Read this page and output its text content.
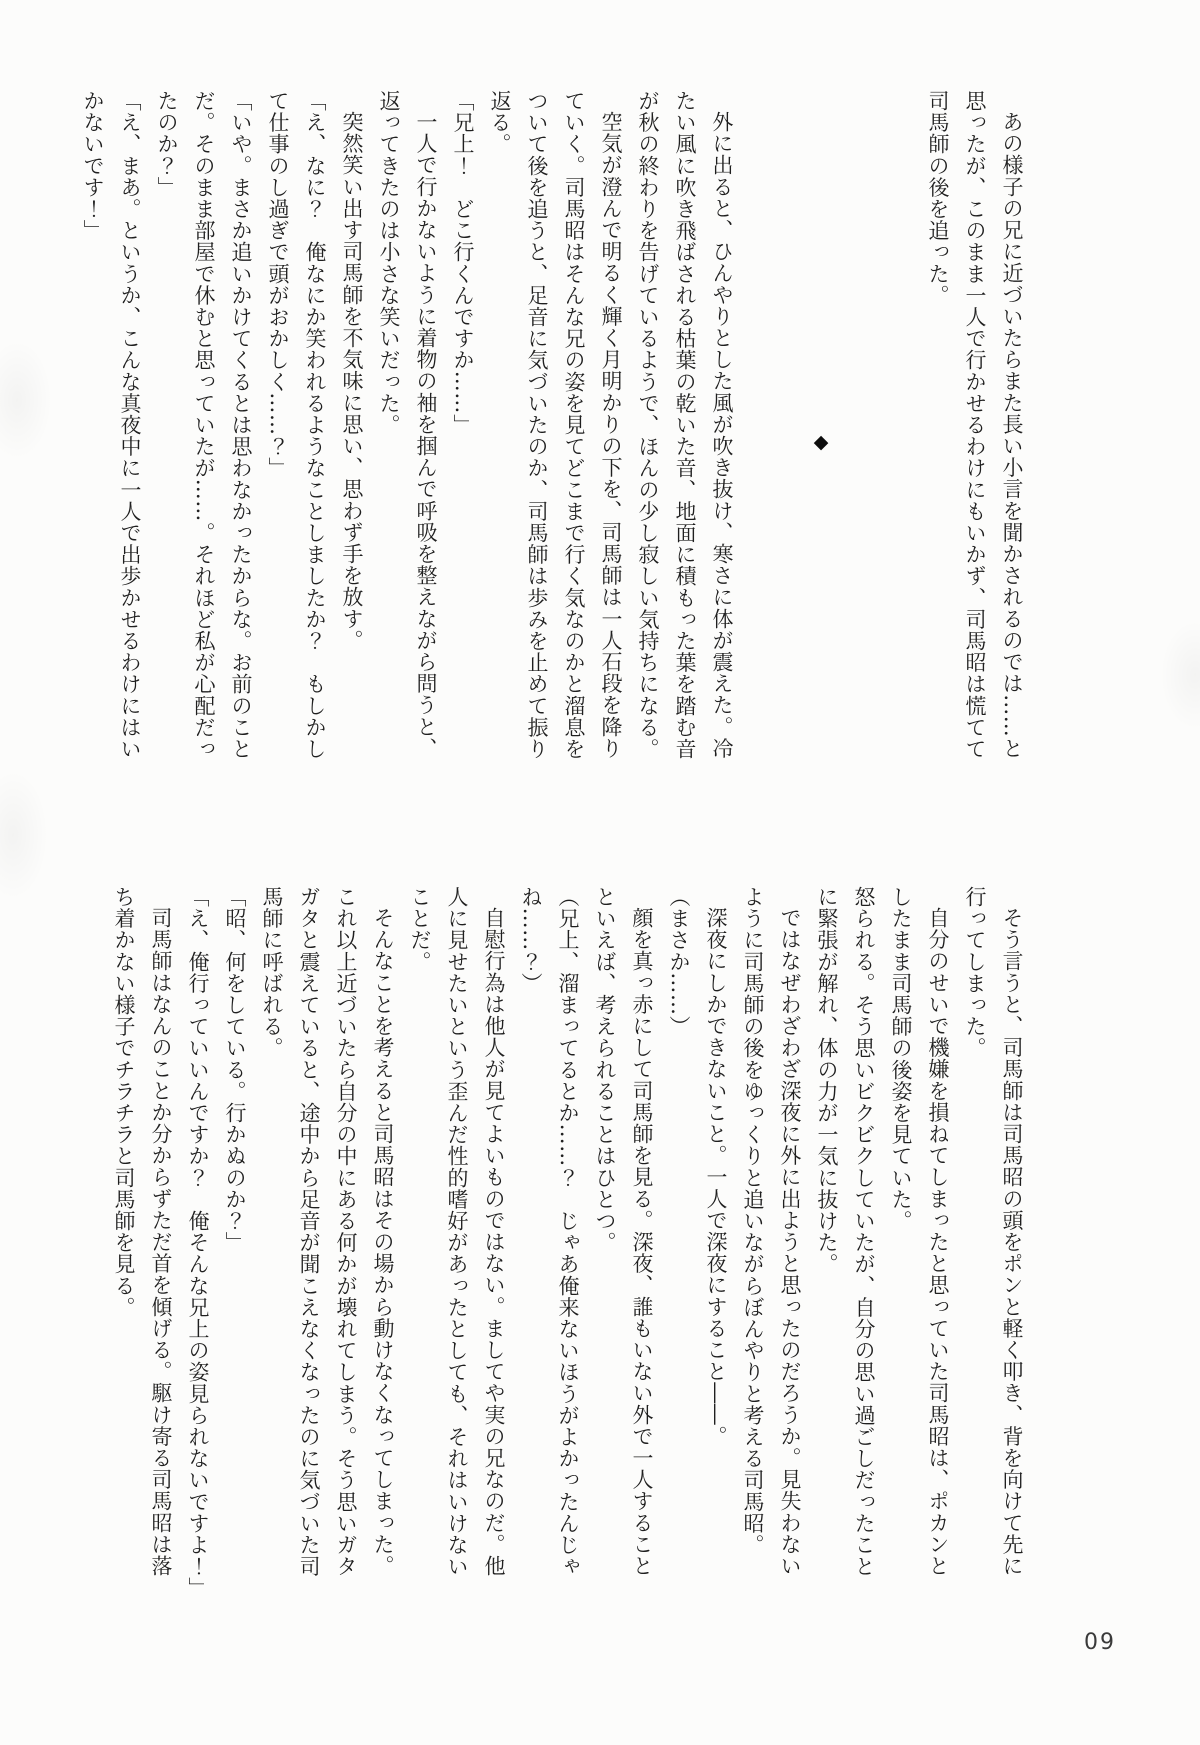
あの様子の兄に近づいたらまた長い小言を聞かされるのでは……と思ったが、このまま一人で行かせるわけにもいかず、司馬昭は慌てて司馬師の後を追った。

◆

外に出ると、ひんやりとした風が吹き抜け、寒さに体が震えた。冷たい風に吹き飛ばされる枯葉の乾いた音、地面に積もった葉を踏む音が秋の終わりを告げているようで、ほんの少し寂しい気持ちになる。

空気が澄んで明るく輝く月明かりの下を、司馬師は一人石段を降りていく。司馬昭はそんな兄の姿を見てどこまで行く気なのかと溜息をついて後を追うと、足音に気づいたのか、司馬師は歩みを止めて振り返る。

「兄上！　どこ行くんですか……」

一人で行かないように着物の袖を掴んで呼吸を整えながら問うと、返ってきたのは小さな笑いだった。

突然笑い出す司馬師を不気味に思い、思わず手を放す。

「え、なに？　俺なにか笑われるようなことしましたか？　もしかして仕事のし過ぎで頭がおかしく……？」

「いや。まさか追いかけてくるとは思わなかったからな。お前のことだ。そのまま部屋で休むと思っていたが……。それほど私が心配だったのか？」

「え、まあ。というか、こんな真夜中に一人で出歩かせるわけにはいかないです！」

そう言うと、司馬師は司馬昭の頭をポンと軽く叩き、背を向けて先に行ってしまった。

自分のせいで機嫌を損ねてしまったと思っていた司馬昭は、ポカンとしたまま司馬師の後姿を見ていた。

怒られる。そう思いビクビクしていたが、自分の思い過ごしだったことに緊張が解れ、体の力が一気に抜けた。

ではなぜわざわざ深夜に外に出ようと思ったのだろうか。見失わないように司馬師の後をゆっくりと追いながらぼんやりと考える司馬昭。

深夜にしかできないこと。一人で深夜にすること――。

（まさか……）

顔を真っ赤にして司馬師を見る。深夜、誰もいない外で一人することといえば、考えられることはひとつ。

（兄上、溜まってるとか……？　じゃあ俺来ないほうがよかったんじゃね……？）

自慰行為は他人が見てよいものではない。ましてや実の兄なのだ。他人に見せたいという歪んだ性的嗜好があったとしても、それはいけないことだ。

そんなことを考えると司馬昭はその場から動けなくなってしまった。これ以上近づいたら自分の中にある何かが壊れてしまう。そう思いガタガタと震えていると、途中から足音が聞こえなくなったのに気づいた司馬師に呼ばれる。

「昭、何をしている。行かぬのか？」

「え、俺行っていいんですか？　俺そんな兄上の姿見られないですよ！」

司馬師はなんのことか分からずただ首を傾げる。駆け寄る司馬昭は落ち着かない様子でチラチラと司馬師を見る。

09
